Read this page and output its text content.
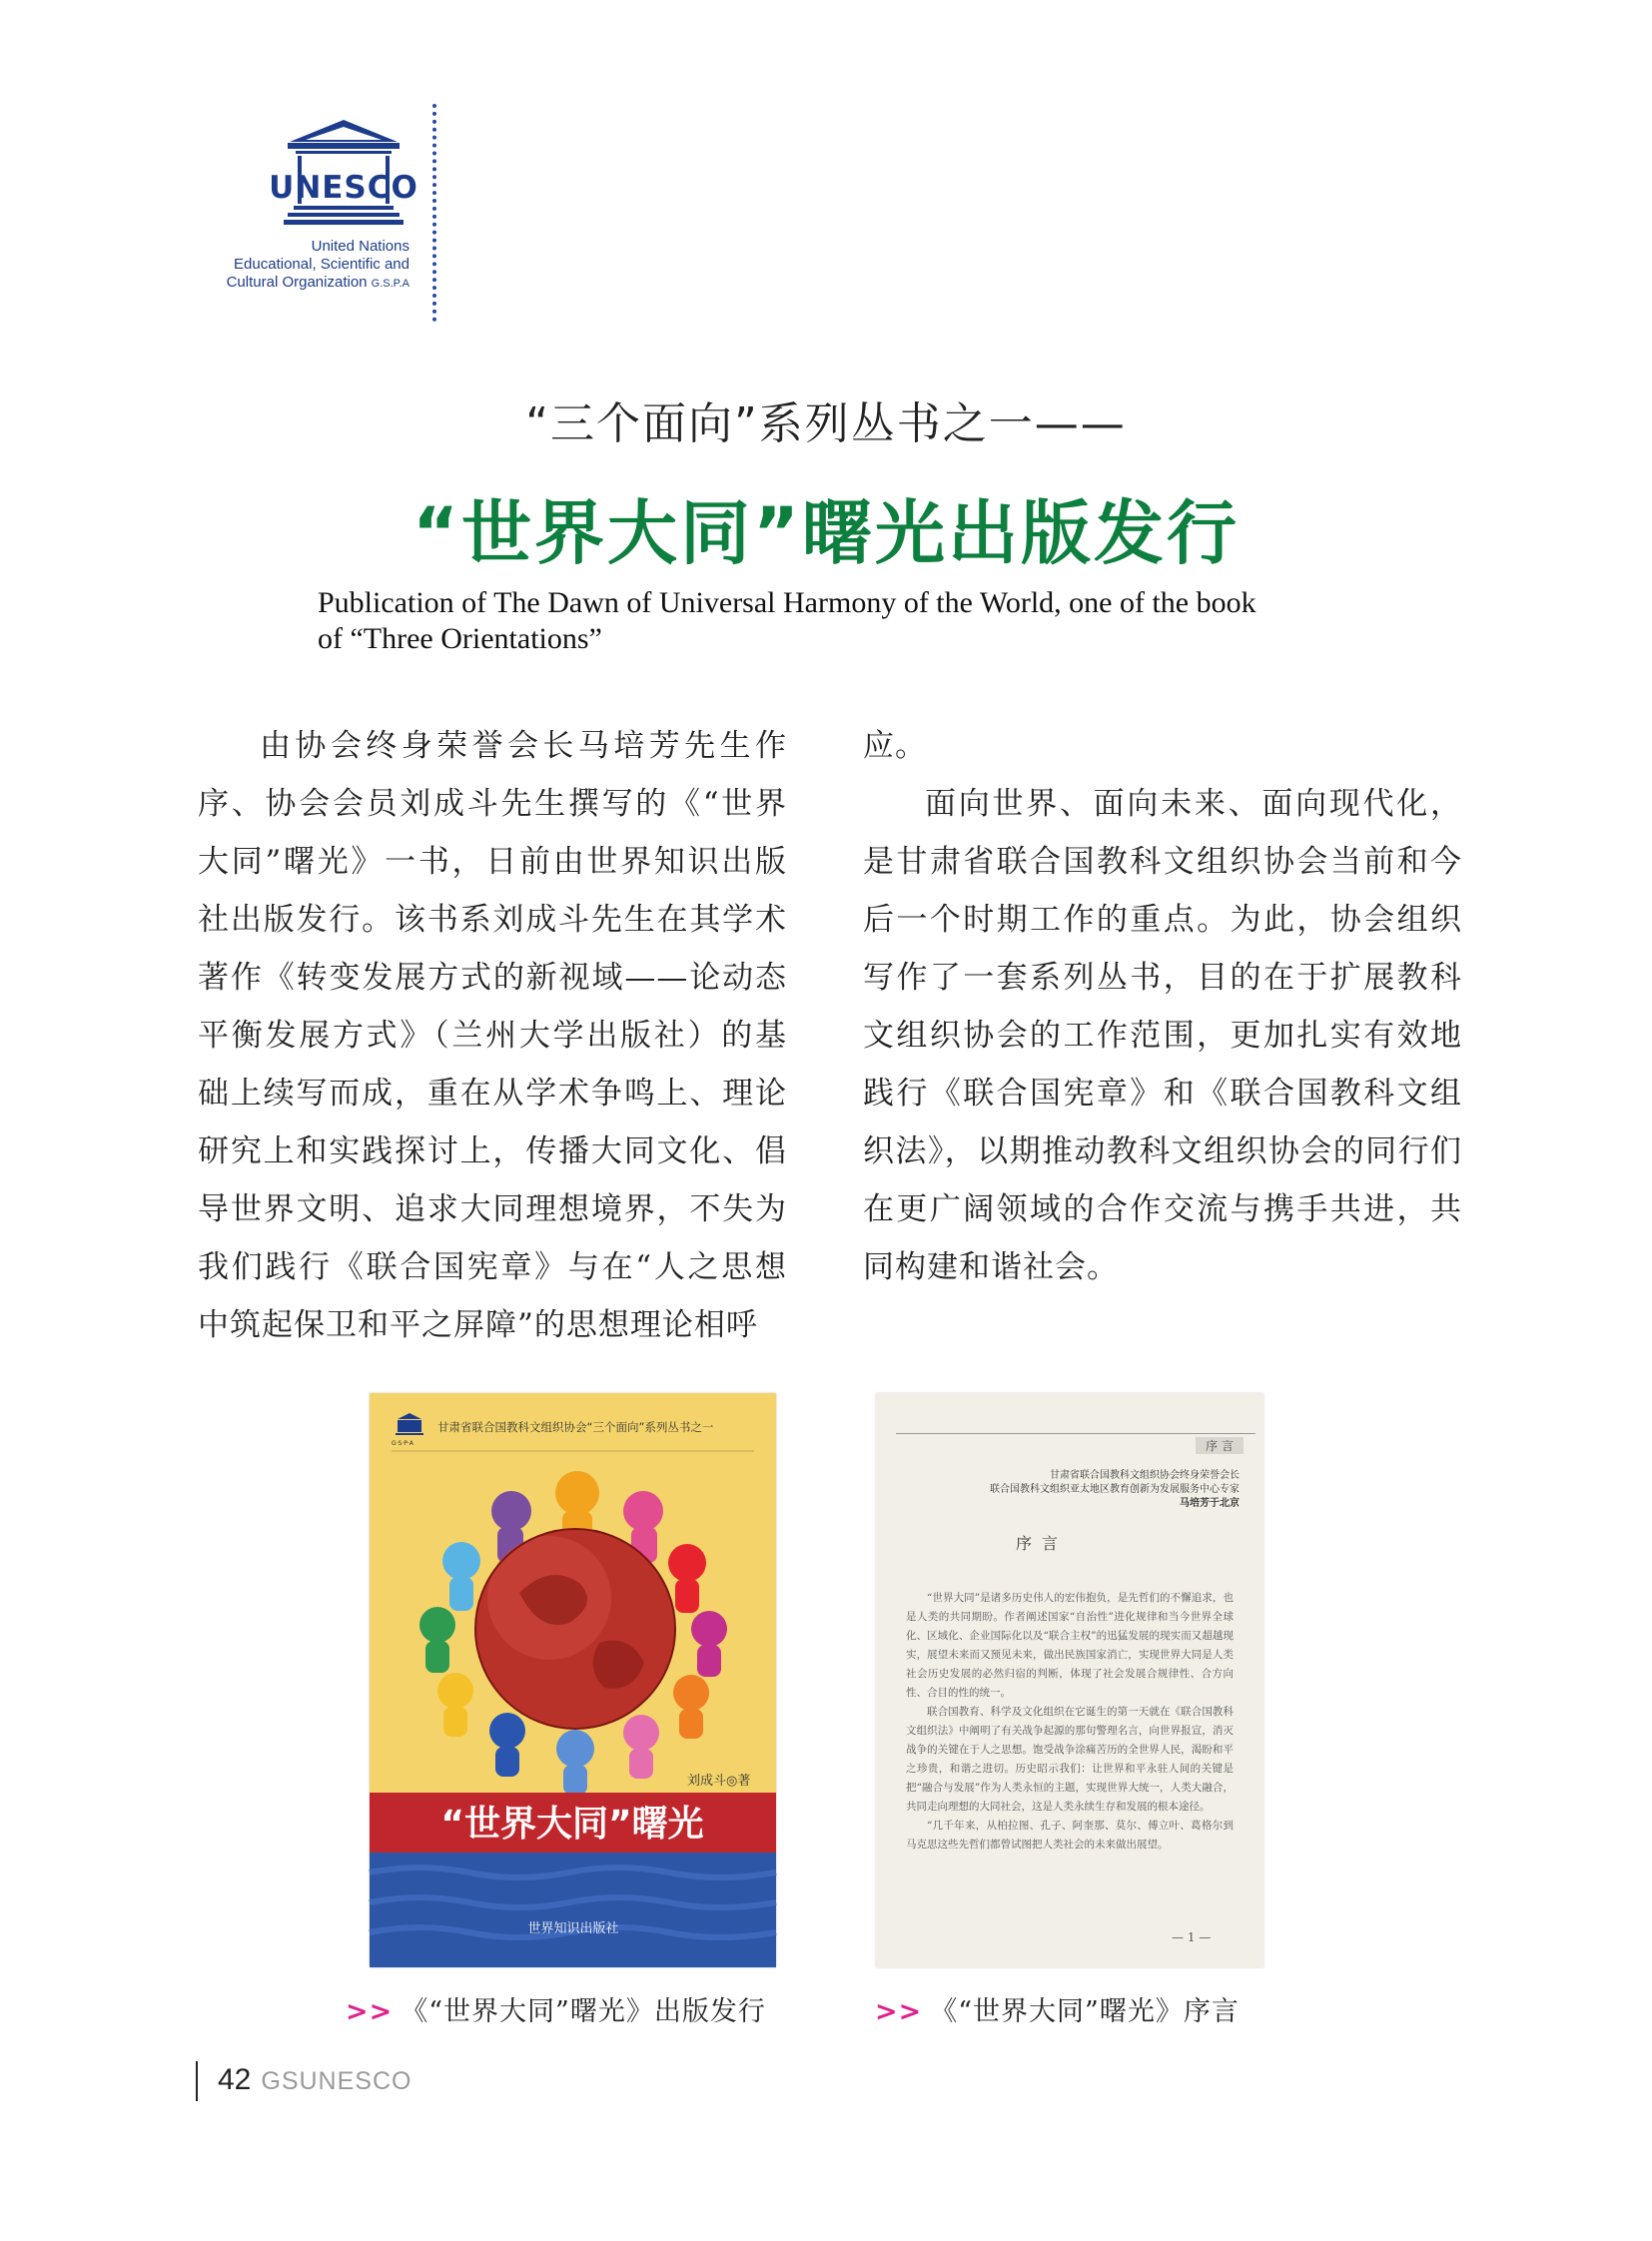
UNESCO
United Nations
Educational, Scientific and
Cultural Organization G.S.P.A
“三个面向”系列丛书之一——
“世界大同”曙光出版发行
Publication of The Dawn of Universal Harmony of the World, one of the book
of “Three Orientations”

由协会终身荣誉会长马培芳先生作序、协会会员刘成斗先生撰写的《“世界大同”曙光》一书，日前由世界知识出版社出版发行。该书系刘成斗先生在其学术著作《转变发展方式的新视域——论动态平衡发展方式》（兰州大学出版社）的基础上续写而成，重在从学术争鸣上、理论研究上和实践探讨上，传播大同文化、倡导世界文明、追求大同理想境界，不失为我们践行《联合国宪章》与在“人之思想中筑起保卫和平之屏障”的思想理论相呼

应。

面向世界、面向未来、面向现代化，是甘肃省联合国教科文组织协会当前和今后一个时期工作的重点。为此，协会组织写作了一套系列丛书，目的在于扩展教科文组织协会的工作范围，更加扎实有效地践行《联合国宪章》和《联合国教科文组织法》，以期推动教科文组织协会的同行们在更广阔领域的合作交流与携手共进，共同构建和谐社会。

G·S·P·A
甘肃省联合国教科文组织协会“三个面向”系列丛书之一
刘成斗◎著
“世界大同”曙光
世界知识出版社
序 言
甘肃省联合国教科文组织协会终身荣誉会长
联合国教科文组织亚太地区教育创新为发展服务中心专家
马培芳于北京
序言

“世界大同”是诸多历史伟人的宏伟抱负，是先哲们的不懈追求，也是人类的共同期盼。作者阐述国家“自治性”进化规律和当今世界全球化、区域化、企业国际化以及“联合主权”的迅猛发展的现实而又超越现实，展望未来而又预见未来，做出民族国家消亡，实现世界大同是人类社会历史发展的必然归宿的判断，体现了社会发展合规律性、合方向性、合目的性的统一。

联合国教育、科学及文化组织在它诞生的第一天就在《联合国教科文组织法》中阐明了有关战争起源的那句警理名言，向世界报宣，消灭战争的关键在于人之思想。饱受战争涂痛苦历的全世界人民，渴盼和平之珍贵，和谐之进切。历史昭示我们：让世界和平永驻人间的关键是把“融合与发展”作为人类永恒的主题，实现世界大统一，人类大融合，共同走向理想的大同社会，这是人类永续生存和发展的根本途径。

“几千年来，从柏拉图、孔子、阿奎那、莫尔、傅立叶、葛格尔到马克思这些先哲们都曾试图把人类社会的未来做出展望。

— 1 —
>> 《“世界大同”曙光》出版发行	>> 《“世界大同”曙光》序言
42 GSUNESCO
